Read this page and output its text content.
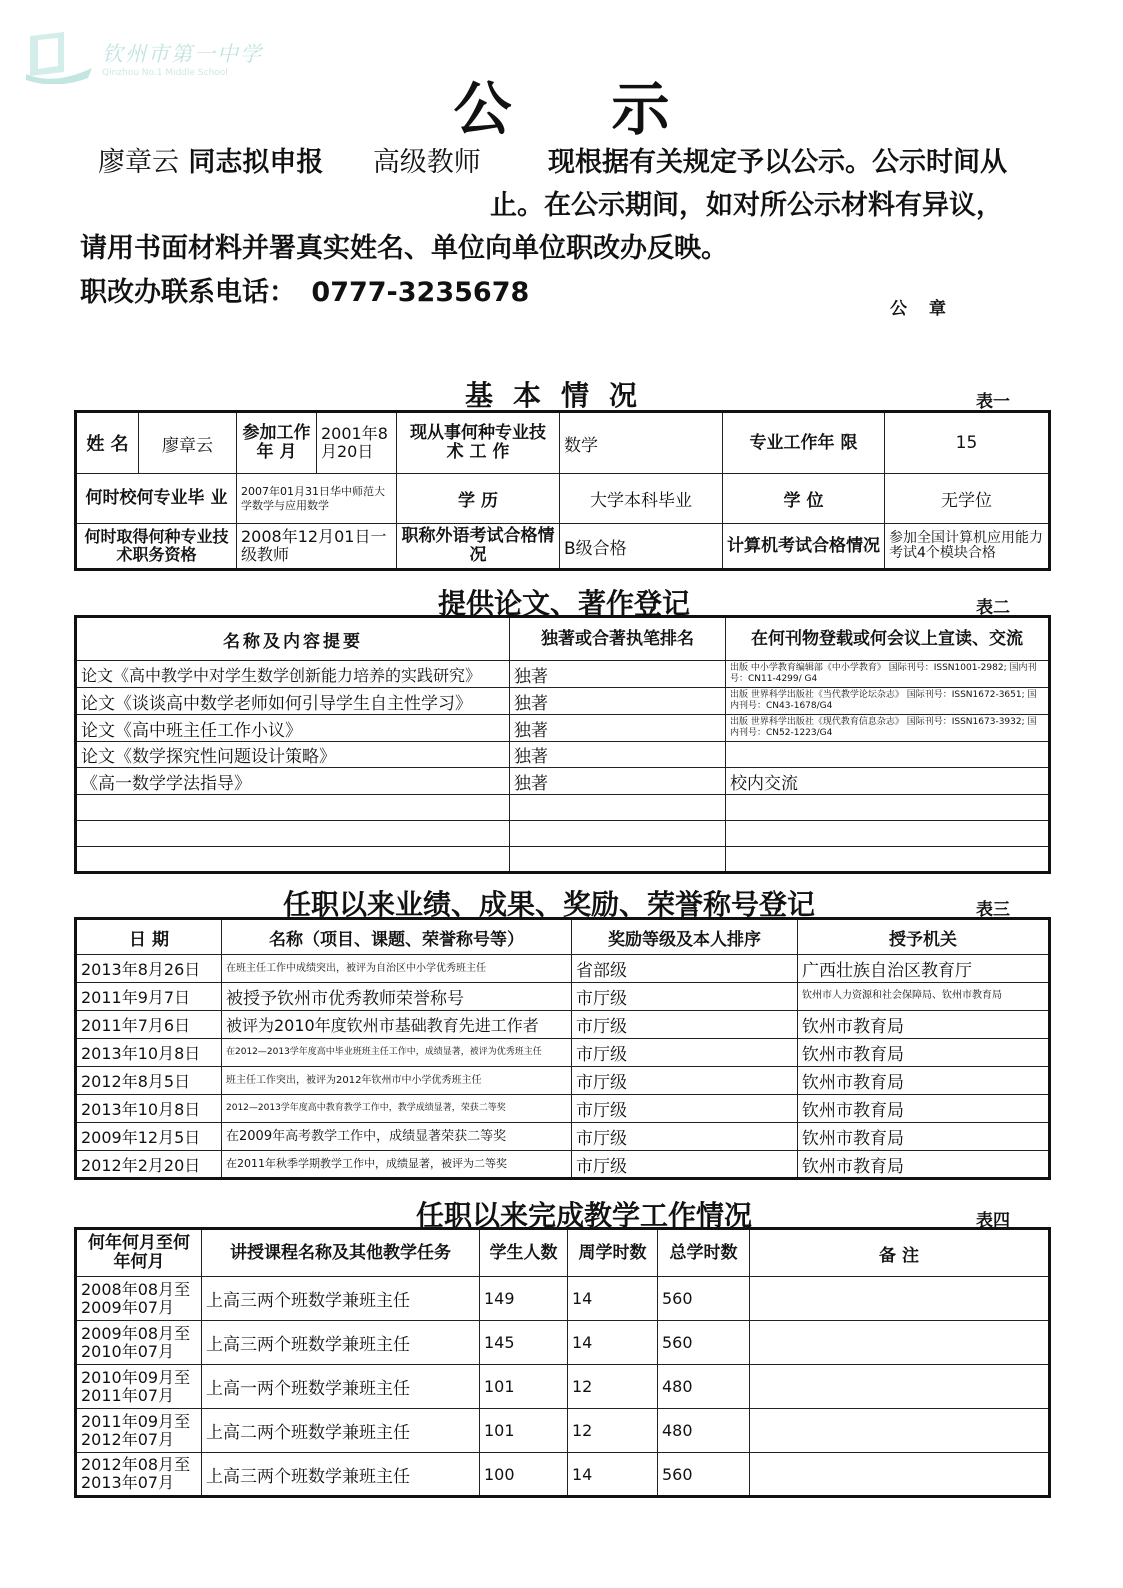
钦州市第一中学
Qinzhou No.1 Middle School
公示
廖章云 同志拟申报 高级教师 现根据有关规定予以公示。公示时间从
止。在公示期间，如对所公示材料有异议，
请用书面材料并署真实姓名、单位向单位职改办反映。
职改办联系电话： 0777-3235678
公章
基本情况	表一
姓 名	廖章云	参加工作年 月	2001年8月20日	现从事何种专业技 术 工 作	数学	专业工作年 限	15
何时校何专业毕 业		2007年01月31日华中师范大学数学与应用数学		学 历	大学本科毕业	学 位	无学位
何时取得何种专业技术职务资格		2008年12月01日一级教师		职称外语考试合格情况	B级合格	计算机考试合格情况	参加全国计算机应用能力考试4个模块合格
提供论文、著作登记	表二
名称及内容提要	独著或合著执笔排名	在何刊物登载或何会议上宣读、交流
论文《高中教学中对学生数学创新能力培养的实践研究》	独著	出版 中小学教育编辑部《中小学教育》 国际刊号：ISSN1001-2982; 国内刊号：CN11-4299/ G4
论文《谈谈高中数学老师如何引导学生自主性学习》	独著	出版 世界科学出版社《当代教学论坛杂志》 国际刊号：ISSN1672-3651; 国内刊号：CN43-1678/G4
论文《高中班主任工作小议》	独著	出版 世界科学出版社《现代教育信息杂志》 国际刊号：ISSN1673-3932; 国内刊号：CN52-1223/G4
论文《数学探究性问题设计策略》	独著	
《高一数学学法指导》	独著	校内交流

任职以来业绩、成果、奖励、荣誉称号登记	表三
日 期	名称（项目、课题、荣誉称号等）	奖励等级及本人排序	授予机关
2013年8月26日	在班主任工作中成绩突出，被评为自治区中小学优秀班主任	省部级	广西壮族自治区教育厅
2011年9月7日	被授予钦州市优秀教师荣誉称号	市厅级	钦州市人力资源和社会保障局、钦州市教育局
2011年7月6日	被评为2010年度钦州市基础教育先进工作者	市厅级	钦州市教育局
2013年10月8日	在2012—2013学年度高中毕业班班主任工作中，成绩显著，被评为优秀班主任	市厅级	钦州市教育局
2012年8月5日	班主任工作突出，被评为2012年钦州市中小学优秀班主任	市厅级	钦州市教育局
2013年10月8日	2012—2013学年度高中教育教学工作中，教学成绩显著，荣获二等奖	市厅级	钦州市教育局
2009年12月5日	在2009年高考教学工作中，成绩显著荣获二等奖	市厅级	钦州市教育局
2012年2月20日	在2011年秋季学期教学工作中，成绩显著，被评为二等奖	市厅级	钦州市教育局
任职以来完成教学工作情况	表四
何年何月至何年何月	讲授课程名称及其他教学任务	学生人数	周学时数	总学时数	备 注
2008年08月至2009年07月	上高三两个班数学兼班主任	149	14	560	
2009年08月至2010年07月	上高三两个班数学兼班主任	145	14	560	
2010年09月至2011年07月	上高一两个班数学兼班主任	101	12	480	
2011年09月至2012年07月	上高二两个班数学兼班主任	101	12	480	
2012年08月至2013年07月	上高三两个班数学兼班主任	100	14	560	
